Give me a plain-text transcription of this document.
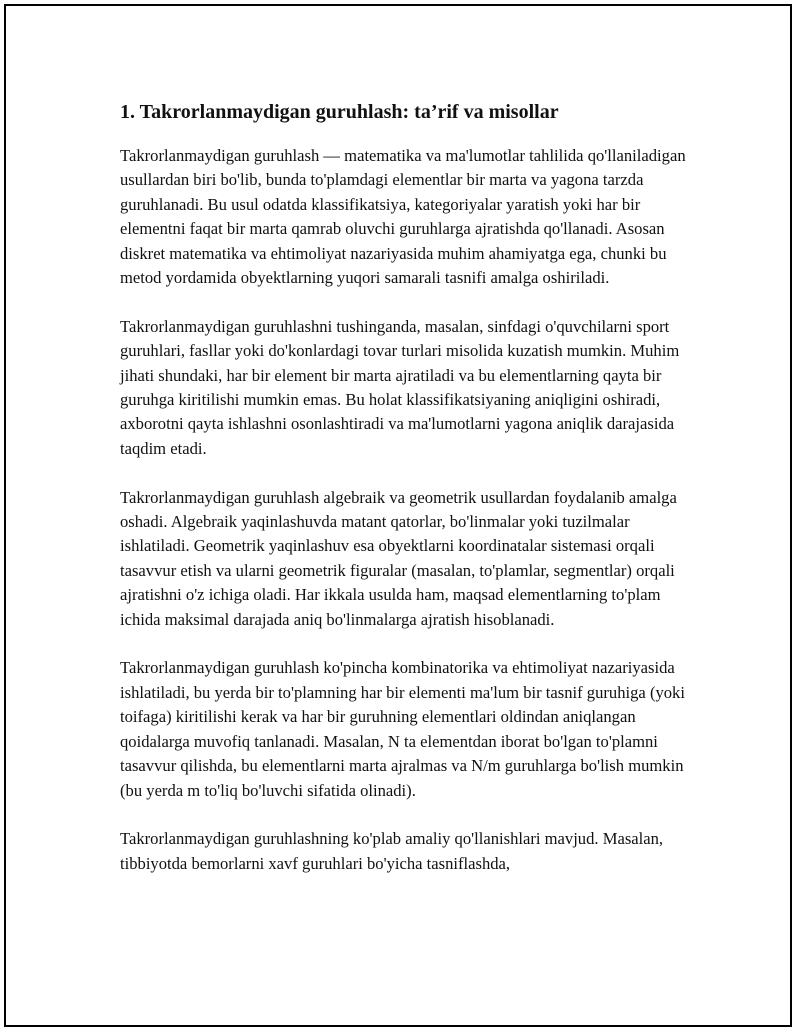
1. Takrorlanmaydigan guruhlash: ta’rif va misollar

Takrorlanmaydigan guruhlash — matematika va ma'lumotlar tahlilida qo'llaniladigan usullardan biri bo'lib, bunda to'plamdagi elementlar bir marta va yagona tarzda guruhlanadi. Bu usul odatda klassifikatsiya, kategoriyalar yaratish yoki har bir elementni faqat bir marta qamrab oluvchi guruhlarga ajratishda qo'llanadi. Asosan diskret matematika va ehtimoliyat nazariyasida muhim ahamiyatga ega, chunki bu metod yordamida obyektlarning yuqori samarali tasnifi amalga oshiriladi.

Takrorlanmaydigan guruhlashni tushinganda, masalan, sinfdagi o'quvchilarni sport guruhlari, fasllar yoki do'konlardagi tovar turlari misolida kuzatish mumkin. Muhim jihati shundaki, har bir element bir marta ajratiladi va bu elementlarning qayta bir guruhga kiritilishi mumkin emas. Bu holat klassifikatsiyaning aniqligini oshiradi, axborotni qayta ishlashni osonlashtiradi va ma'lumotlarni yagona aniqlik darajasida taqdim etadi.

Takrorlanmaydigan guruhlash algebraik va geometrik usullardan foydalanib amalga oshadi. Algebraik yaqinlashuvda matant qatorlar, bo'linmalar yoki tuzilmalar ishlatiladi. Geometrik yaqinlashuv esa obyektlarni koordinatalar sistemasi orqali tasavvur etish va ularni geometrik figuralar (masalan, to'plamlar, segmentlar) orqali ajratishni o'z ichiga oladi. Har ikkala usulda ham, maqsad elementlarning to'plam ichida maksimal darajada aniq bo'linmalarga ajratish hisoblanadi.

Takrorlanmaydigan guruhlash ko'pincha kombinatorika va ehtimoliyat nazariyasida ishlatiladi, bu yerda bir to'plamning har bir elementi ma'lum bir tasnif guruhiga (yoki toifaga) kiritilishi kerak va har bir guruhning elementlari oldindan aniqlangan qoidalarga muvofiq tanlanadi. Masalan, N ta elementdan iborat bo'lgan to'plamni tasavvur qilishda, bu elementlarni marta ajralmas va N/m guruhlarga bo'lish mumkin (bu yerda m to'liq bo'luvchi sifatida olinadi).

Takrorlanmaydigan guruhlashning ko'plab amaliy qo'llanishlari mavjud. Masalan, tibbiyotda bemorlarni xavf guruhlari bo'yicha tasniflashda,
